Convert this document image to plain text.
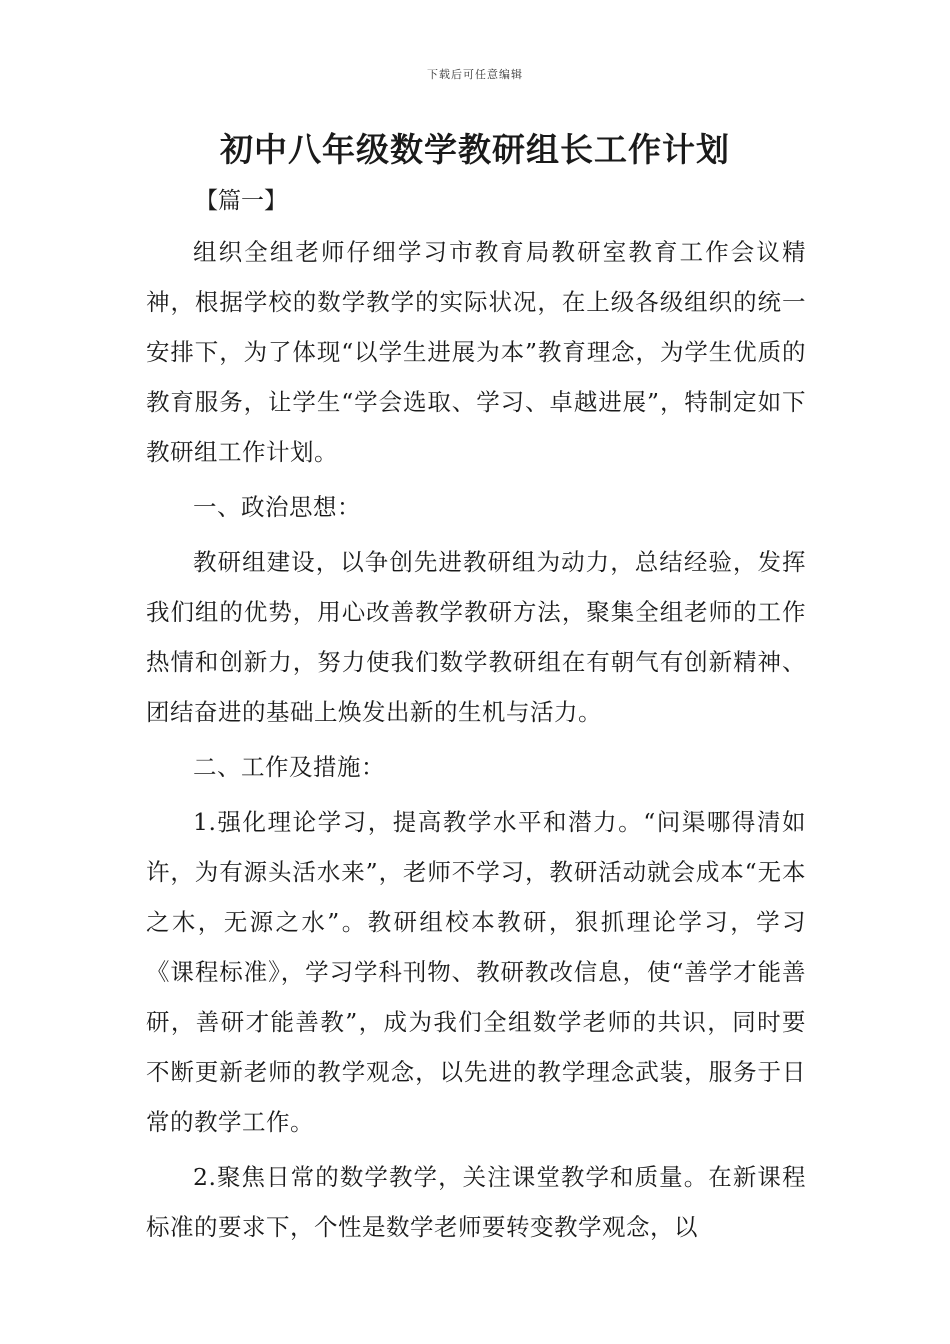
下载后可任意编辑
初中八年级数学教研组长工作计划
【篇一】

组织全组老师仔细学习市教育局教研室教育工作会议精神，根据学校的数学教学的实际状况，在上级各级组织的统一安排下，为了体现“以学生进展为本”教育理念，为学生优质的教育服务，让学生“学会选取、学习、卓越进展”，特制定如下教研组工作计划。

一、政治思想：

教研组建设，以争创先进教研组为动力，总结经验，发挥我们组的优势，用心改善教学教研方法，聚集全组老师的工作热情和创新力，努力使我们数学教研组在有朝气有创新精神、团结奋进的基础上焕发出新的生机与活力。

二、工作及措施：

1.强化理论学习，提高教学水平和潜力。“问渠哪得清如许，为有源头活水来”，老师不学习，教研活动就会成本“无本之木，无源之水”。教研组校本教研，狠抓理论学习，学习《课程标准》，学习学科刊物、教研教改信息，使“善学才能善研，善研才能善教”，成为我们全组数学老师的共识，同时要不断更新老师的教学观念，以先进的教学理念武装，服务于日常的教学工作。

2.聚焦日常的数学教学，关注课堂教学和质量。在新课程标准的要求下，个性是数学老师要转变教学观念，以
